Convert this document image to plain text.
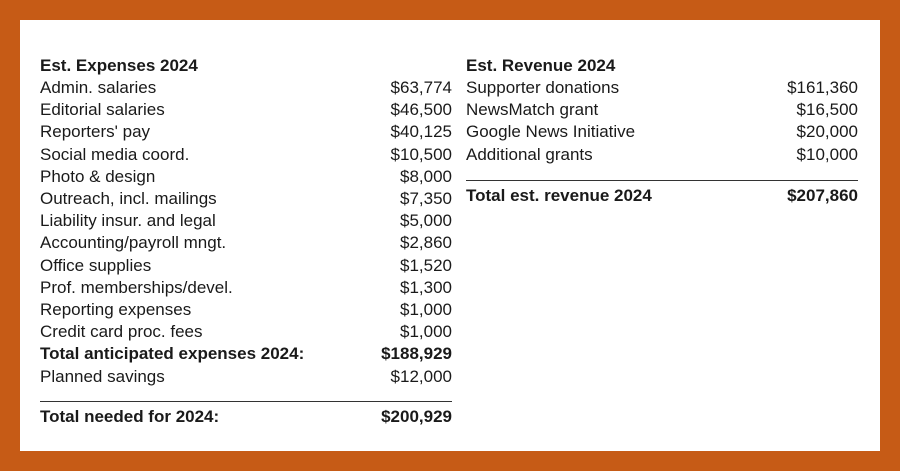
Est. Expenses 2024
Admin. salaries	$63,774
Editorial salaries	$46,500
Reporters' pay	$40,125
Social media coord.	$10,500
Photo & design	$8,000
Outreach, incl. mailings	$7,350
Liability insur. and legal	$5,000
Accounting/payroll mngt.	$2,860
Office supplies	$1,520
Prof. memberships/devel.	$1,300
Reporting expenses	$1,000
Credit card proc. fees	$1,000
Total anticipated expenses 2024:	$188,929
Planned savings	$12,000
Total needed for 2024:	$200,929
Est. Revenue 2024
Supporter donations	$161,360
NewsMatch grant	$16,500
Google News Initiative	$20,000
Additional grants	$10,000
Total est. revenue 2024	$207,860
